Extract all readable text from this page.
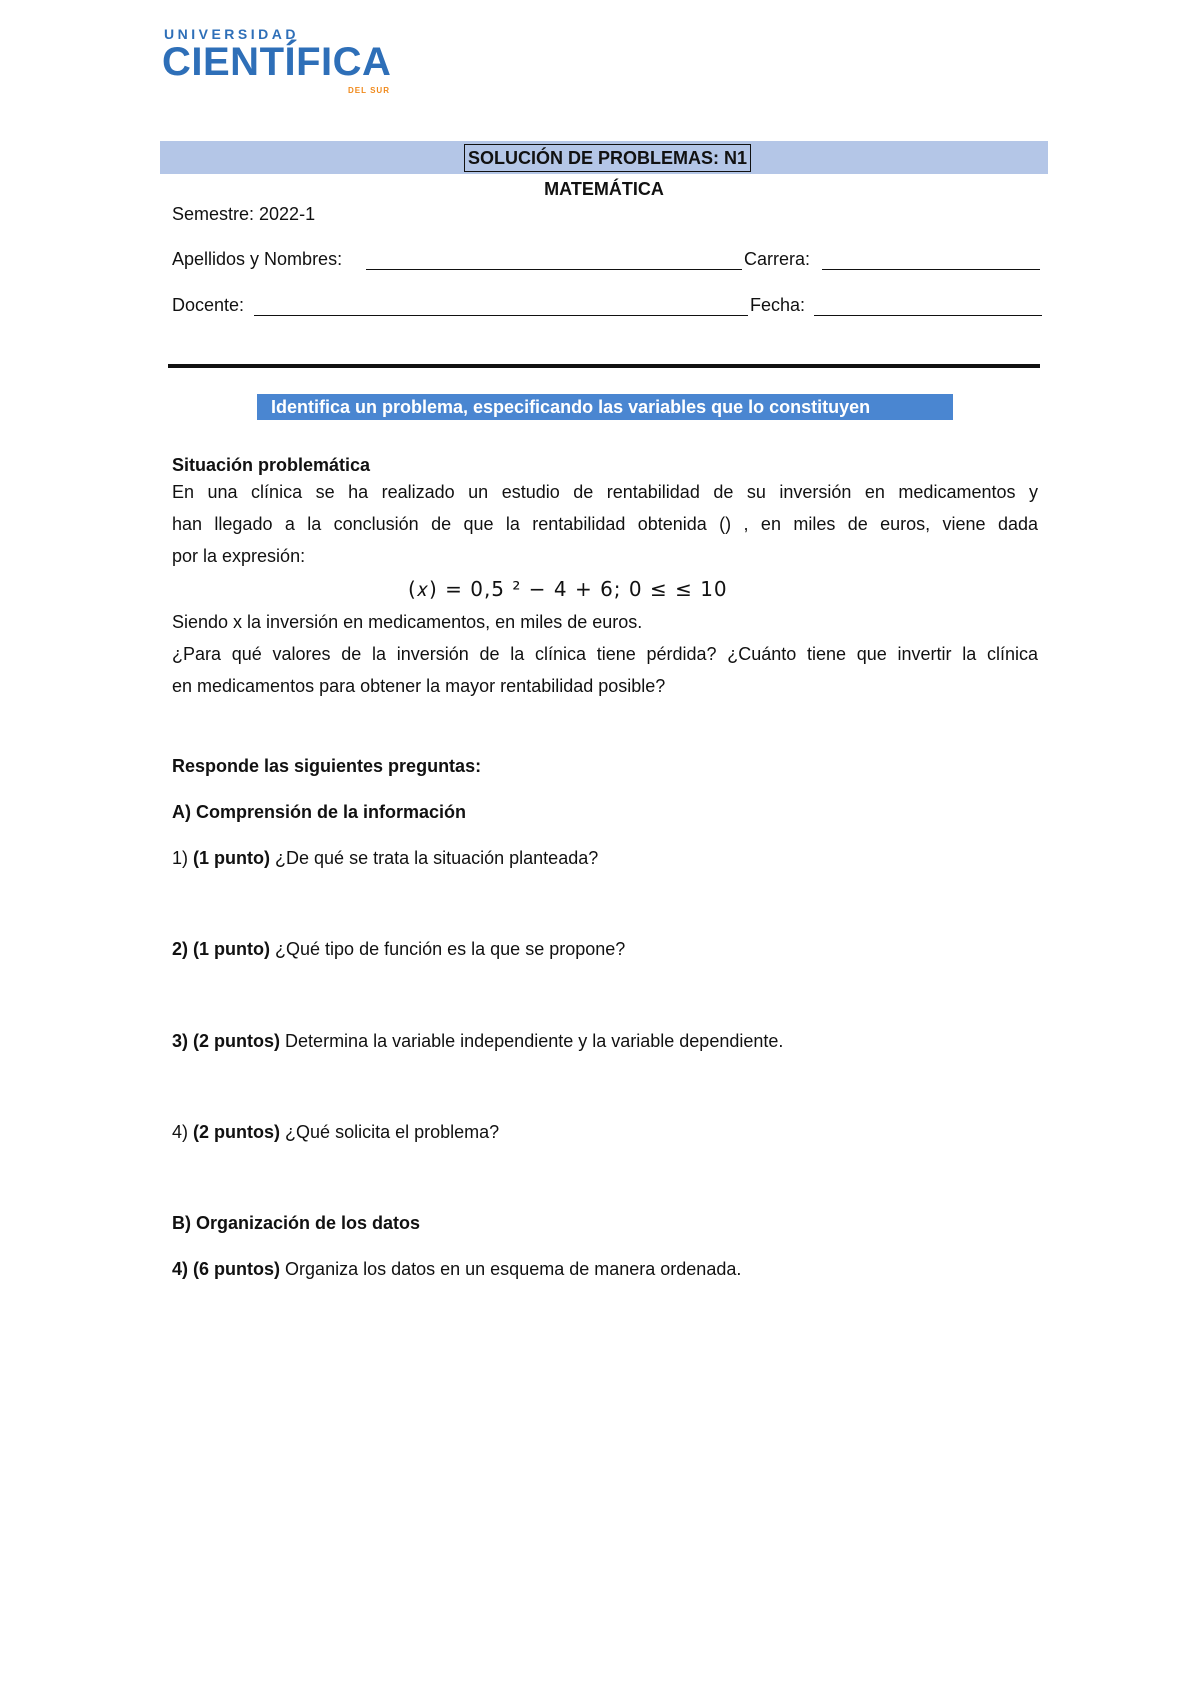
UNIVERSIDAD
CIENTÍFICA
DEL SUR
SOLUCIÓN DE PROBLEMAS: N1
MATEMÁTICA
Semestre: 2022-1
Apellidos y Nombres:	Carrera:
Docente:	Fecha:
Identifica un problema, especificando las variables que lo constituyen
Situación problemática
En una clínica se ha realizado un estudio de rentabilidad de su inversión en medicamentos y
han llegado a la conclusión de que la rentabilidad obtenida () , en miles de euros, viene dada
por la expresión:
(𝑥) = 0,5 ² − 4 + 6; 0 ≤ ≤ 10
Siendo x la inversión en medicamentos, en miles de euros.
¿Para qué valores de la inversión de la clínica tiene pérdida? ¿Cuánto tiene que invertir la clínica
en medicamentos para obtener la mayor rentabilidad posible?
Responde las siguientes preguntas:
A) Comprensión de la información
1) (1 punto) ¿De qué se trata la situación planteada?
2) (1 punto) ¿Qué tipo de función es la que se propone?
3) (2 puntos) Determina la variable independiente y la variable dependiente.
4) (2 puntos) ¿Qué solicita el problema?
B) Organización de los datos
4) (6 puntos) Organiza los datos en un esquema de manera ordenada.
